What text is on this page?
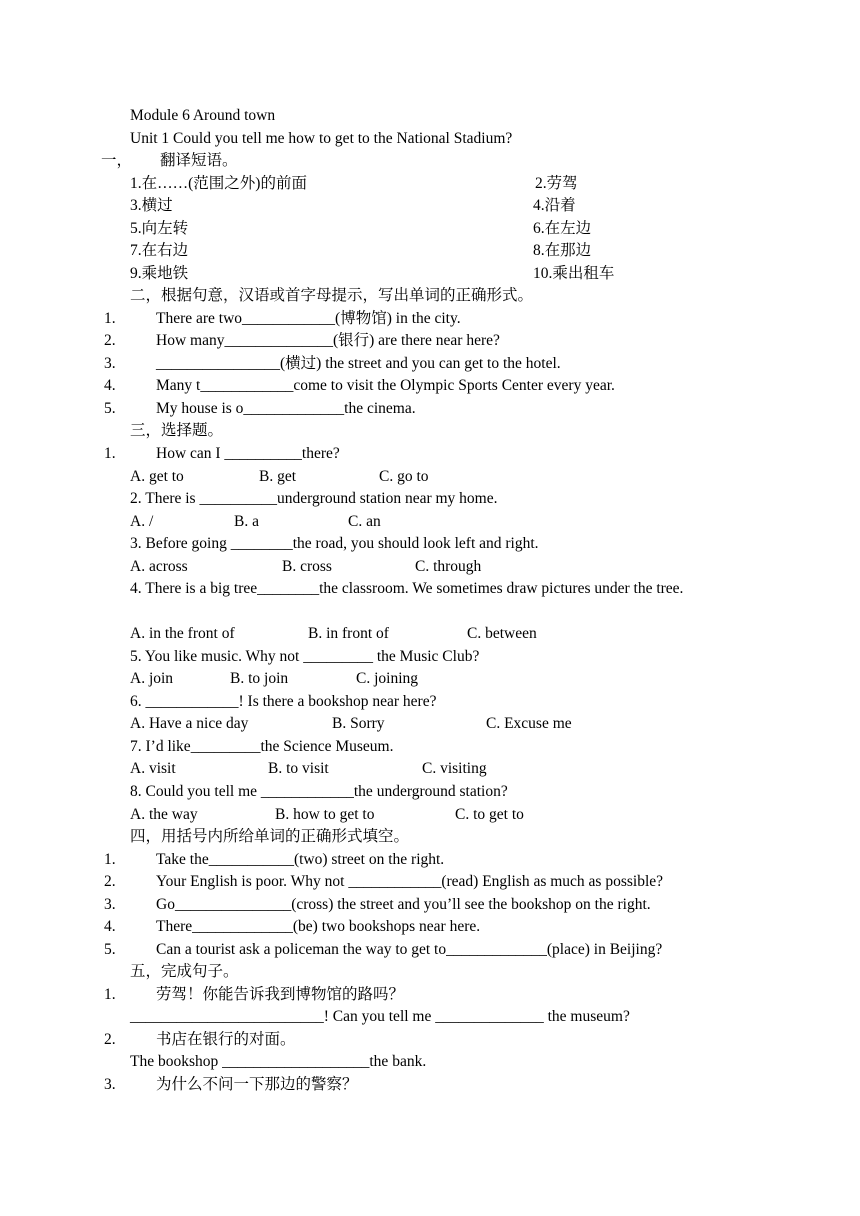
Module 6 Around town
Unit 1 Could you tell me how to get to the National Stadium?
一， 翻译短语。
1.在……(范围之外)的前面	2.劳驾
3.横过	4.沿着
5.向左转	6.在左边
7.在右边	8.在那边
9.乘地铁	10.乘出租车
二，根据句意，汉语或首字母提示，写出单词的正确形式。
1.	There are two____________(博物馆) in the city.
2.	How many______________(银行) are there near here?
3.	________________(横过) the street and you can get to the hotel.
4.	Many t____________come to visit the Olympic Sports Center every year.
5.	My house is o_____________the cinema.
三，选择题。
1.	How can I __________there?
A. get to	B. get	C. go to
2. There is __________underground station near my home.
A. /	B. a	C. an
3. Before going ________the road, you should look left and right.
A. across	B. cross	C. through
4. There is a big tree________the classroom. We sometimes draw pictures under the tree.
A. in the front of	B. in front of	C. between
5. You like music. Why not _________ the Music Club?
A. join	B. to join	C. joining
6. ____________! Is there a bookshop near here?
A. Have a nice day	B. Sorry	C. Excuse me
7. I’d like_________the Science Museum.
A. visit	B. to visit	C. visiting
8. Could you tell me ____________the underground station?
A. the way	B. how to get to	C. to get to
四，用括号内所给单词的正确形式填空。
1.	Take the___________(two) street on the right.
2.	Your English is poor. Why not ____________(read) English as much as possible?
3.	Go_______________(cross) the street and you’ll see the bookshop on the right.
4.	There_____________(be) two bookshops near here.
5.	Can a tourist ask a policeman the way to get to_____________(place) in Beijing?
五，完成句子。
1.	劳驾！你能告诉我到博物馆的路吗？
_________________________! Can you tell me ______________ the museum?
2.	书店在银行的对面。
The bookshop ___________________the bank.
3.	为什么不问一下那边的警察？
